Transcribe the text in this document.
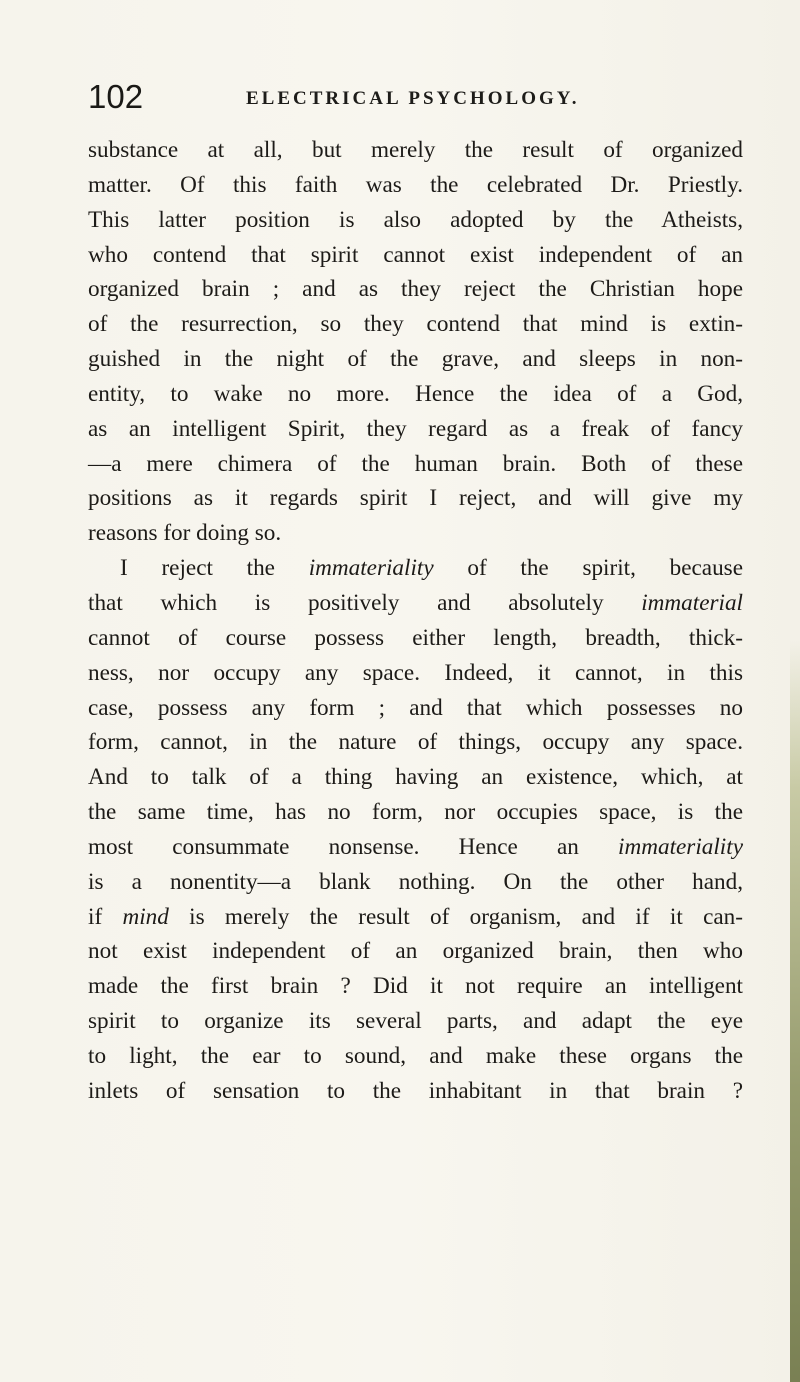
102	ELECTRICAL PSYCHOLOGY.
substance at all, but merely the result of organized
matter. Of this faith was the celebrated Dr. Priestly.
This latter position is also adopted by the Atheists,
who contend that spirit cannot exist independent of an
organized brain ; and as they reject the Christian hope
of the resurrection, so they contend that mind is extin-
guished in the night of the grave, and sleeps in non-
entity, to wake no more. Hence the idea of a God,
as an intelligent Spirit, they regard as a freak of fancy
—a mere chimera of the human brain. Both of these
positions as it regards spirit I reject, and will give my
reasons for doing so.
I reject the immateriality of the spirit, because
that which is positively and absolutely immaterial
cannot of course possess either length, breadth, thick-
ness, nor occupy any space. Indeed, it cannot, in this
case, possess any form ; and that which possesses no
form, cannot, in the nature of things, occupy any space.
And to talk of a thing having an existence, which, at
the same time, has no form, nor occupies space, is the
most consummate nonsense. Hence an immateriality
is a nonentity—a blank nothing. On the other hand,
if mind is merely the result of organism, and if it can-
not exist independent of an organized brain, then who
made the first brain ? Did it not require an intelligent
spirit to organize its several parts, and adapt the eye
to light, the ear to sound, and make these organs the
inlets of sensation to the inhabitant in that brain ?
